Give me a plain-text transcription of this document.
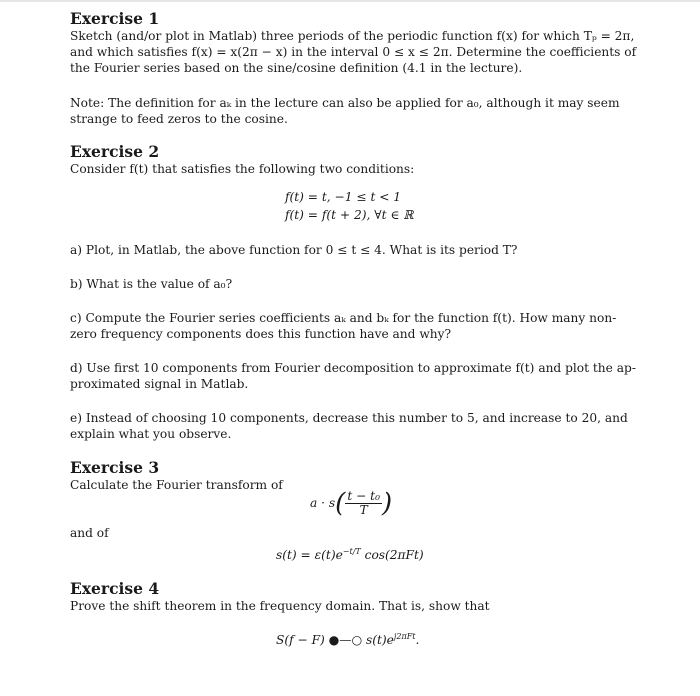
Exercise 1

Sketch (and/or plot in Matlab) three periods of the periodic function f(x) for which Tₚ = 2π,

and which satisfies f(x) = x(2π − x) in the interval 0 ≤ x ≤ 2π. Determine the coefficients of

the Fourier series based on the sine/cosine definition (4.1 in the lecture).

Note: The definition for aₖ in the lecture can also be applied for a₀, although it may seem

strange to feed zeros to the cosine.

Exercise 2

Consider f(t) that satisfies the following two conditions:

f(t) = t, −1 ≤ t < 1
f(t) = f(t + 2), ∀t ∈ ℝ

a) Plot, in Matlab, the above function for 0 ≤ t ≤ 4. What is its period T?

b) What is the value of a₀?

c) Compute the Fourier series coefficients aₖ and bₖ for the function f(t). How many non-

zero frequency components does this function have and why?

d) Use first 10 components from Fourier decomposition to approximate f(t) and plot the ap-

proximated signal in Matlab.

e) Instead of choosing 10 components, decrease this number to 5, and increase to 20, and

explain what you observe.

Exercise 3

Calculate the Fourier transform of

$a \cdot s( \frac{\text{t − t₀}}{T}$ )

and of

$s(t) = \varepsilon(t)e^{-t/T}$ cos(2πFt)
Exercise 4

Prove the shift theorem in the frequency domain. That is, show that

S(f − F) ●—○ $s(t)e^{j2\pi Ft}$.
